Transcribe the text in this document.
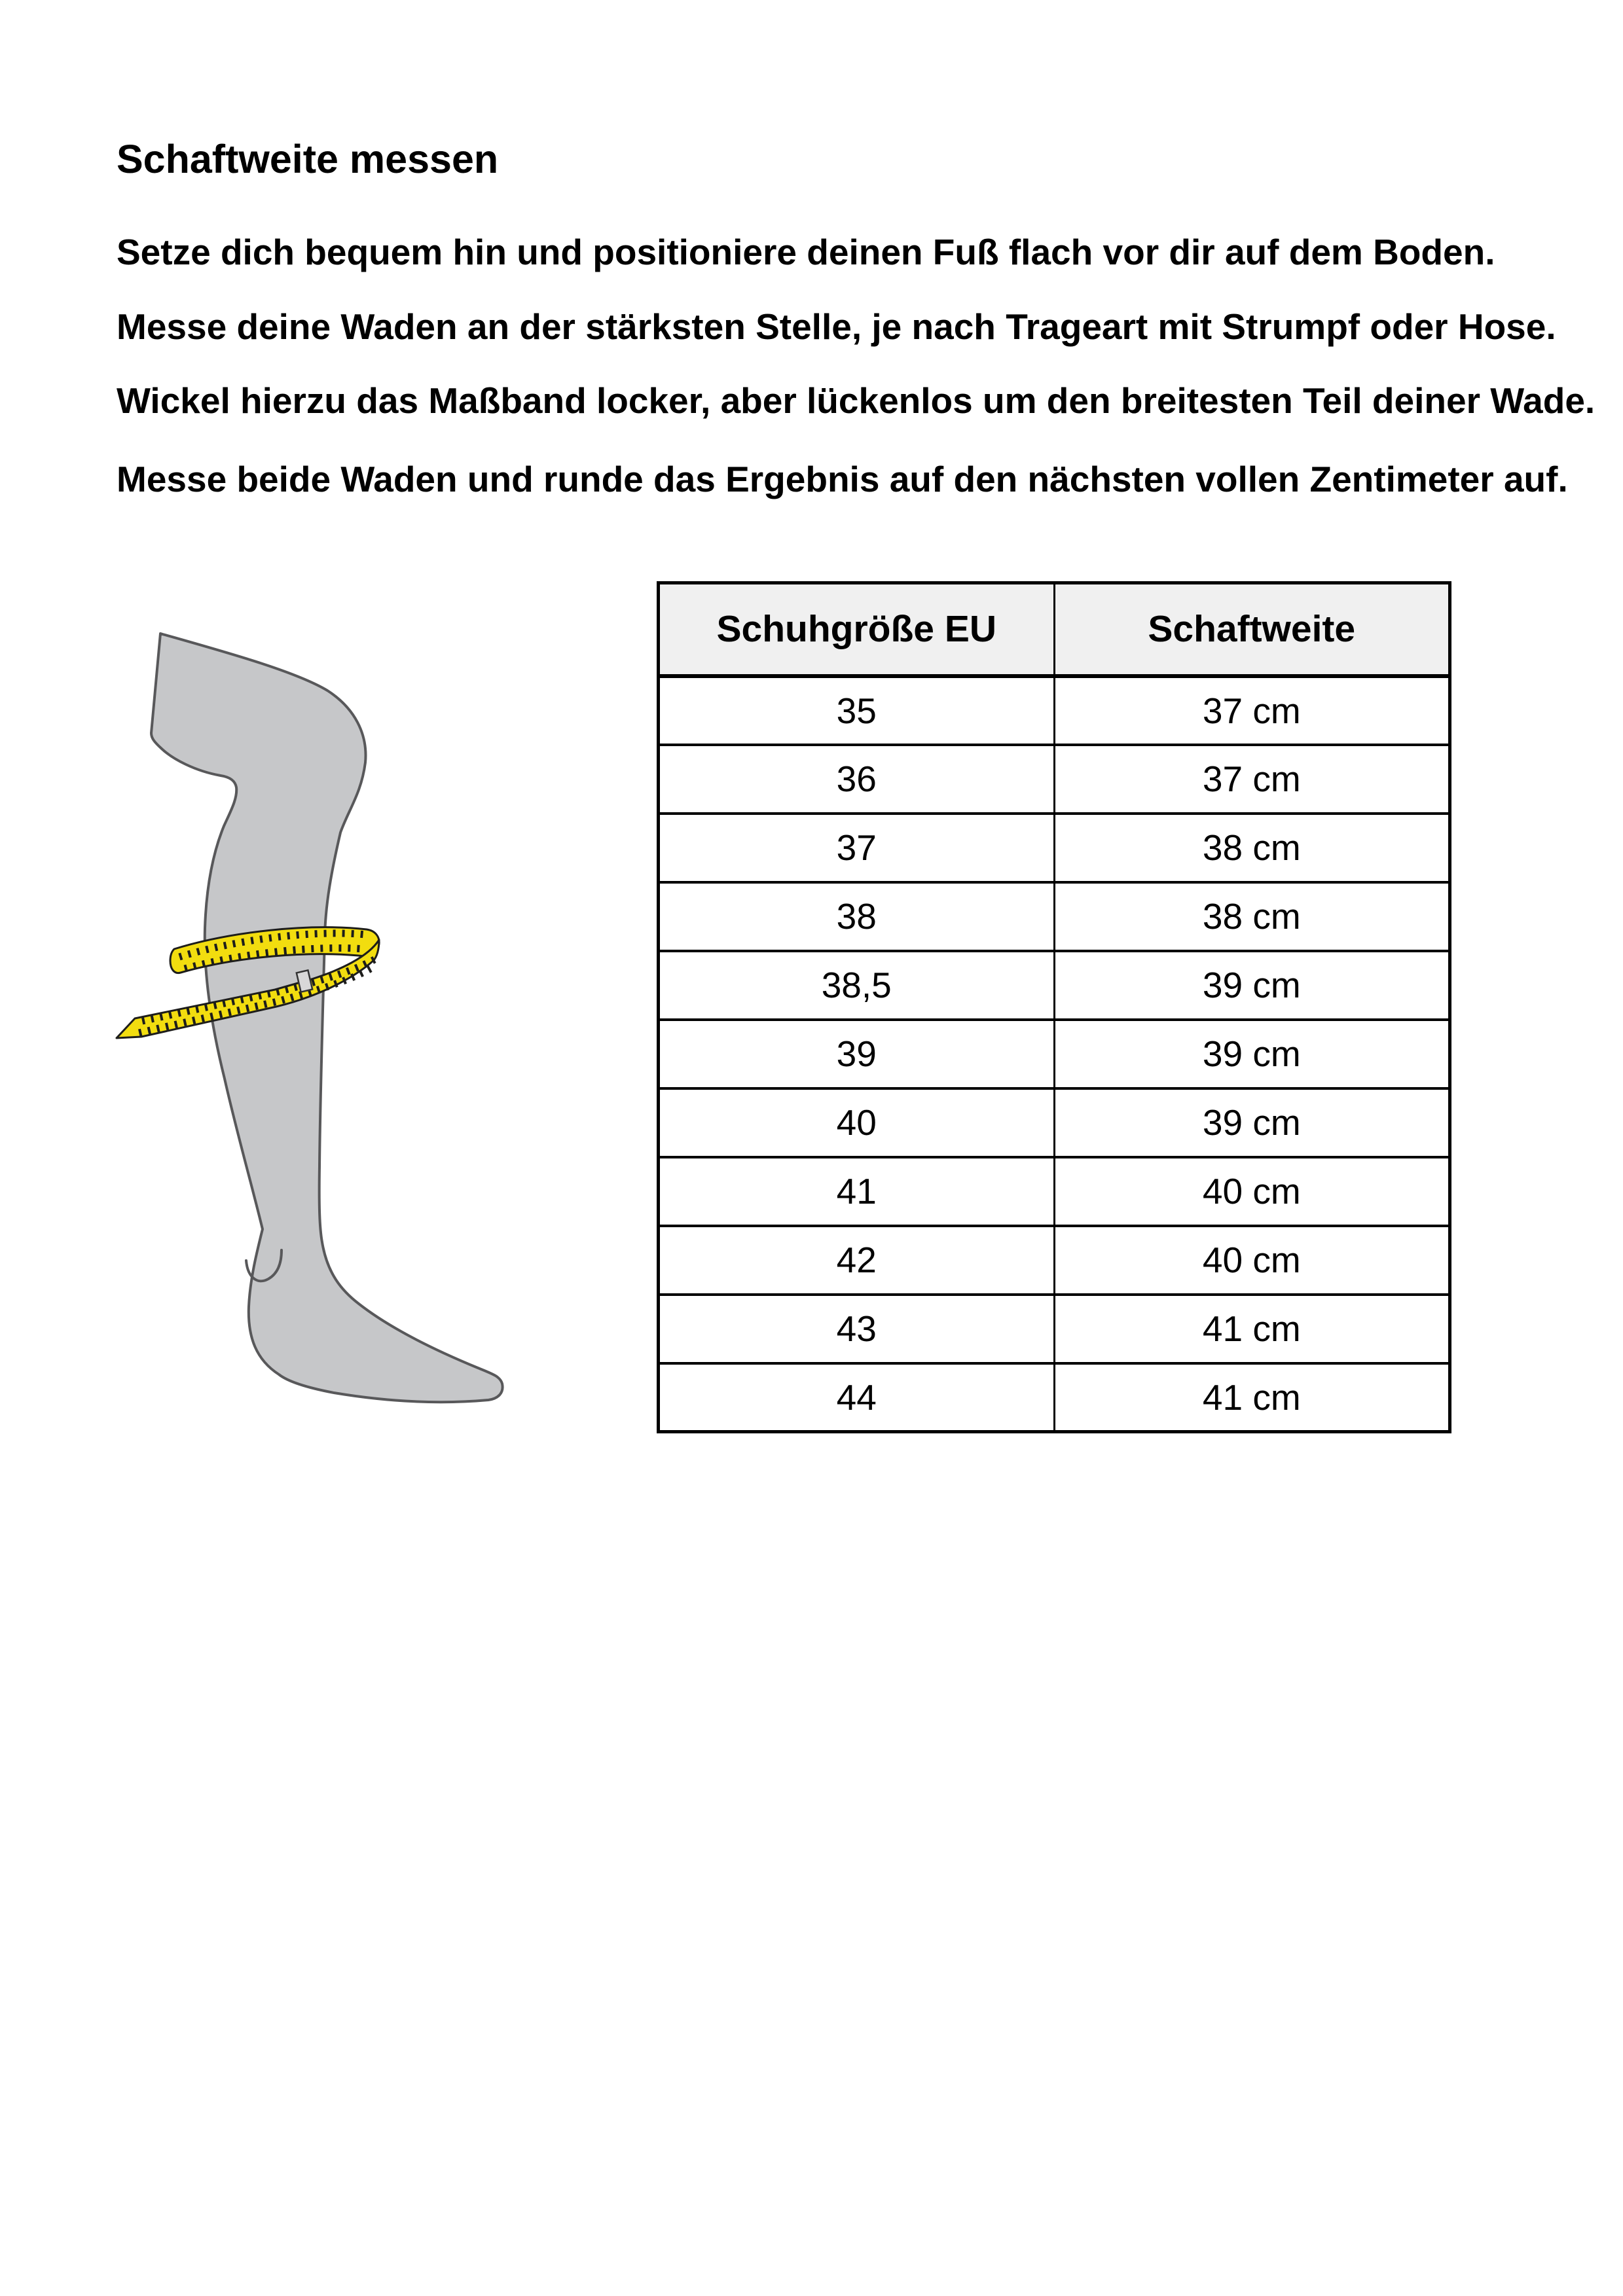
Schaftweite messen

Setze dich bequem hin und positioniere deinen Fuß flach vor dir auf dem Boden.

Messe deine Waden an der stärksten Stelle, je nach Trageart mit Strumpf oder Hose.

Wickel hierzu das Maßband locker, aber lückenlos um den breitesten Teil deiner Wade.

Messe beide Waden und runde das Ergebnis auf den nächsten vollen Zentimeter auf.

Schuhgröße EU	Schaftweite
35	37 cm
36	37 cm
37	38 cm
38	38 cm
38,5	39 cm
39	39 cm
40	39 cm
41	40 cm
42	40 cm
43	41 cm
44	41 cm
